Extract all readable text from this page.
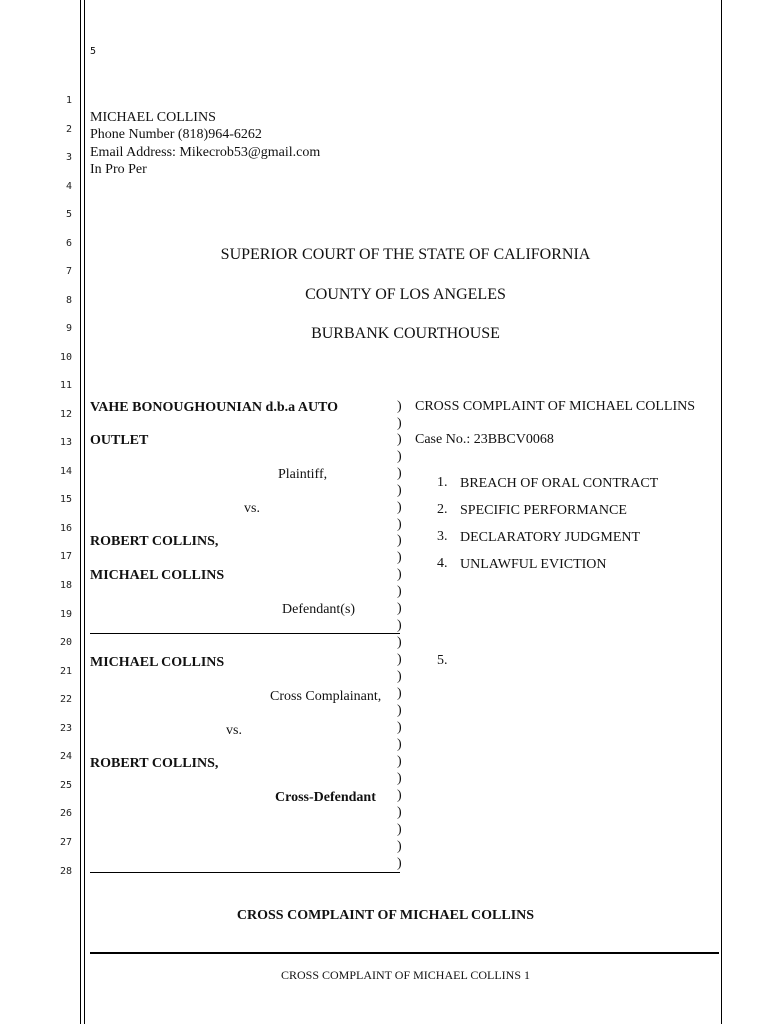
5
1
2
3
4
5
6
7
8
9
10
11
12
13
14
15
16
17
18
19
20
21
22
23
24
25
26
27
28
MICHAEL COLLINS
Phone Number (818)964-6262
Email Address: Mikecrob53@gmail.com
In Pro Per
SUPERIOR COURT OF THE STATE OF CALIFORNIA
COUNTY OF LOS ANGELES
BURBANK COURTHOUSE
VAHE BONOUGHOUNIAN d.b.a AUTO
OUTLET
Plaintiff,
vs.
ROBERT COLLINS,
MICHAEL COLLINS
Defendant(s)
MICHAEL COLLINS
Cross Complainant,
vs.
ROBERT COLLINS,
Cross-Defendant
)
)
)
)
)
)
)
)
)
)
)
)
)
)
)
)
)
)
)
)
)
)
)
)
)
)
)
)
CROSS COMPLAINT OF MICHAEL COLLINS
Case No.: 23BBCV0068
1. BREACH OF ORAL CONTRACT
2. SPECIFIC PERFORMANCE
3. DECLARATORY JUDGMENT
4. UNLAWFUL EVICTION
5.
CROSS COMPLAINT OF MICHAEL COLLINS
CROSS COMPLAINT OF MICHAEL COLLINS 1
